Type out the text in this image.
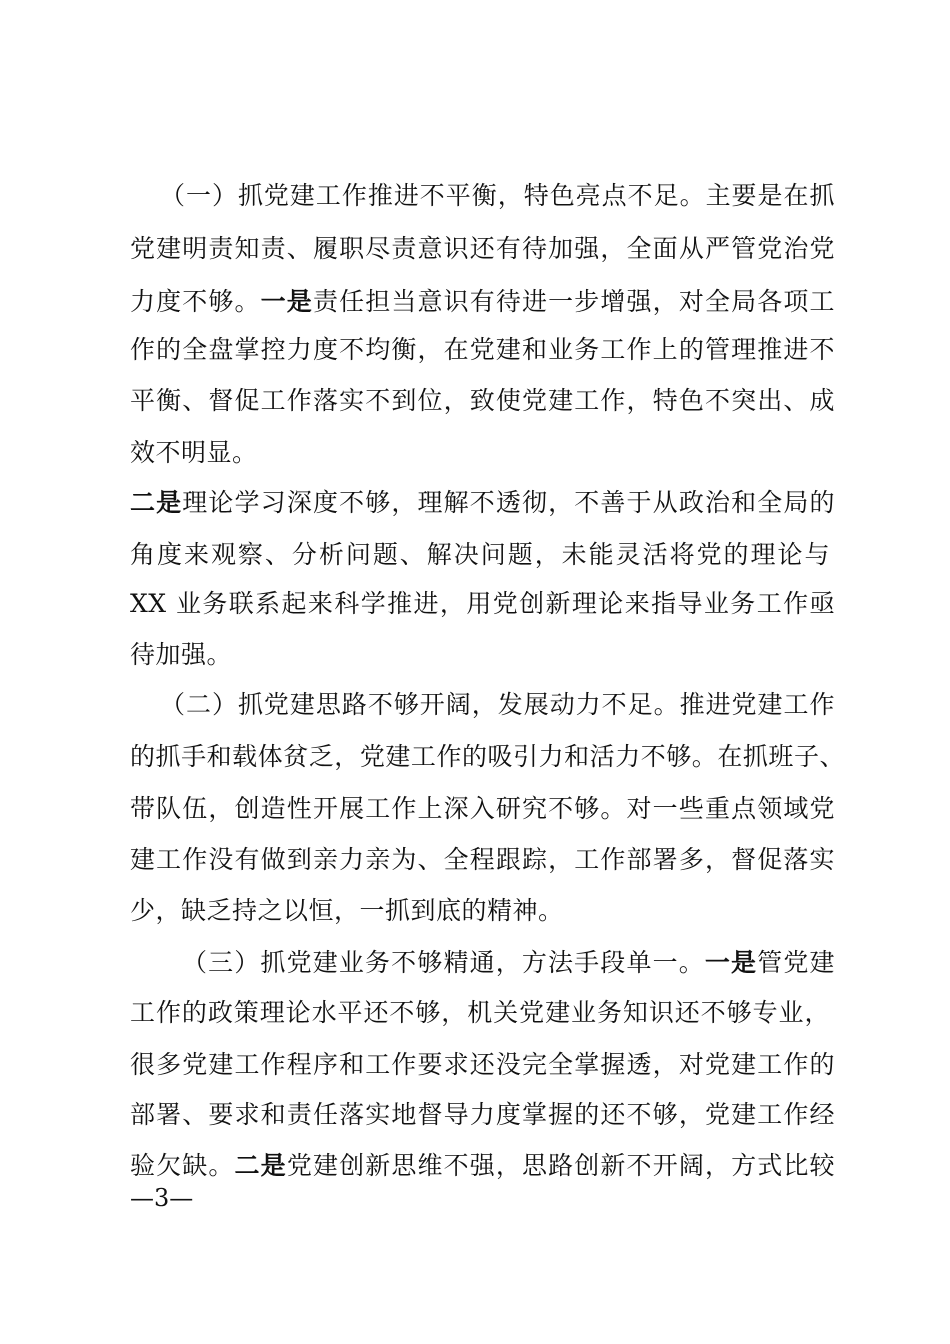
（一）抓党建工作推进不平衡，特色亮点不足。主要是在抓
党建明责知责、履职尽责意识还有待加强，全面从严管党治党
力度不够。一是责任担当意识有待进一步增强，对全局各项工
作的全盘掌控力度不均衡，在党建和业务工作上的管理推进不
平衡、督促工作落实不到位，致使党建工作，特色不突出、成
效不明显。
二是理论学习深度不够，理解不透彻，不善于从政治和全局的
角度来观察、分析问题、解决问题，未能灵活将党的理论与
XX 业务联系起来科学推进，用党创新理论来指导业务工作亟
待加强。
（二）抓党建思路不够开阔，发展动力不足。推进党建工作
的抓手和载体贫乏，党建工作的吸引力和活力不够。在抓班子、
带队伍，创造性开展工作上深入研究不够。对一些重点领域党
建工作没有做到亲力亲为、全程跟踪，工作部署多，督促落实
少，缺乏持之以恒，一抓到底的精神。
（三）抓党建业务不够精通，方法手段单一。一是管党建
工作的政策理论水平还不够，机关党建业务知识还不够专业，
很多党建工作程序和工作要求还没完全掌握透，对党建工作的
部署、要求和责任落实地督导力度掌握的还不够，党建工作经
验欠缺。二是党建创新思维不强，思路创新不开阔，方式比较
—3—
